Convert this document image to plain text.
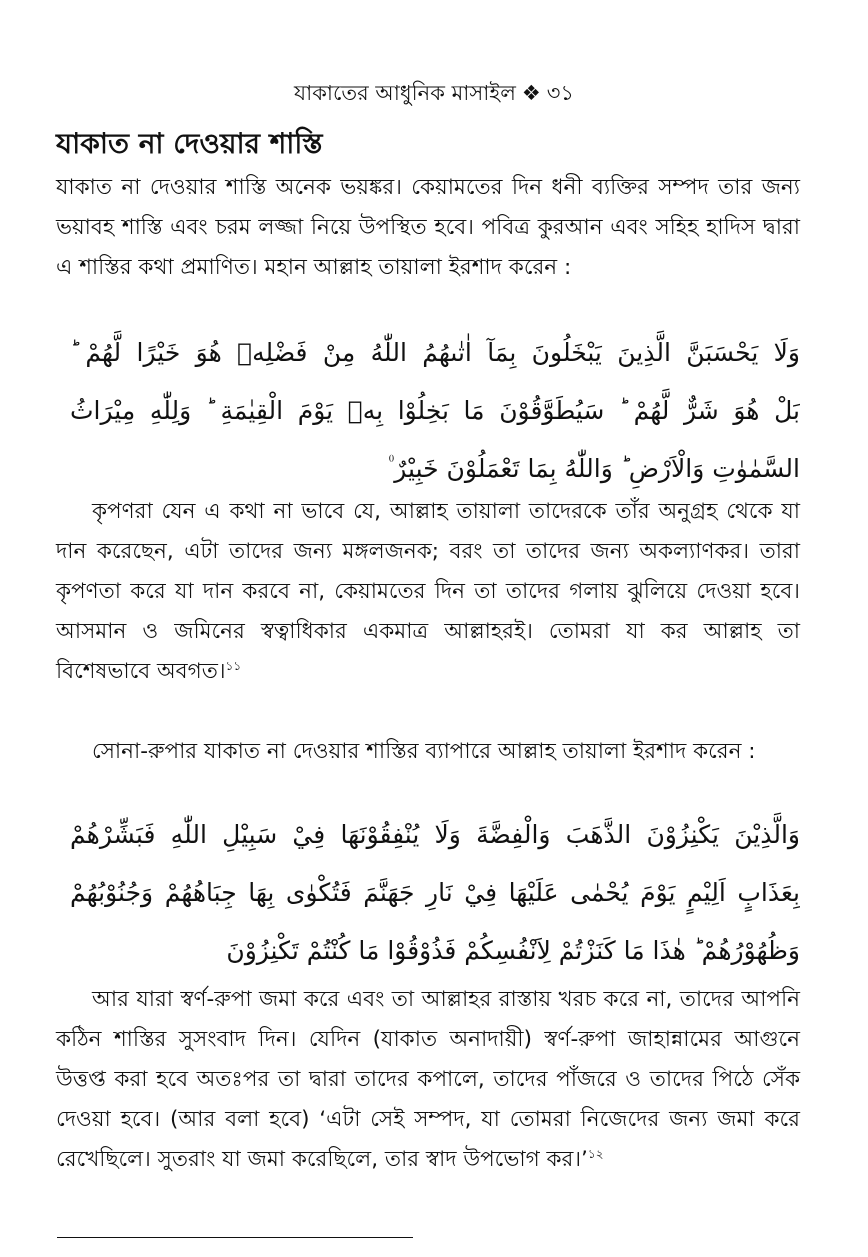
যাকাতের আধুনিক মাসাইল ❖ ৩১
যাকাত না দেওয়ার শাস্তি
যাকাত না দেওয়ার শাস্তি অনেক ভয়ঙ্কর। কেয়ামতের দিন ধনী ব্যক্তির সম্পদ তার জন্য ভয়াবহ শাস্তি এবং চরম লজ্জা নিয়ে উপস্থিত হবে। পবিত্র কুরআন এবং সহিহ হাদিস দ্বারা এ শাস্তির কথা প্রমাণিত। মহান আল্লাহ তায়ালা ইরশাদ করেন :
وَلَا يَحْسَبَنَّ الَّذِينَ يَبْخَلُونَ بِمَآ اٰتٰىهُمُ اللّٰهُ مِنْ فَضْلِهٖ هُوَ خَيْرًا لَّهُمْ ؕ
بَلْ هُوَ شَرٌّ لَّهُمْ ؕ سَيُطَوَّقُوْنَ مَا بَخِلُوْا بِهٖ يَوْمَ الْقِيٰمَةِ ؕ وَلِلّٰهِ مِيْرَاثُ
السَّمٰوٰتِ وَالْاَرْضِ ؕ وَاللّٰهُ بِمَا تَعْمَلُوْنَ خَبِيْرٌ ۠
কৃপণরা যেন এ কথা না ভাবে যে, আল্লাহ তায়ালা তাদেরকে তাঁর অনুগ্রহ থেকে যা দান করেছেন, এটা তাদের জন্য মঙ্গলজনক; বরং তা তাদের জন্য অকল্যাণকর। তারা কৃপণতা করে যা দান করবে না, কেয়ামতের দিন তা তাদের গলায় ঝুলিয়ে দেওয়া হবে। আসমান ও জমিনের স্বত্বাধিকার একমাত্র আল্লাহরই। তোমরা যা কর আল্লাহ তা বিশেষভাবে অবগত।$^{১১}$
সোনা-রুপার যাকাত না দেওয়ার শাস্তির ব্যাপারে আল্লাহ তায়ালা ইরশাদ করেন :
وَالَّذِيْنَ يَكْنِزُوْنَ الذَّهَبَ وَالْفِضَّةَ وَلَا يُنْفِقُوْنَهَا فِيْ سَبِيْلِ اللّٰهِ فَبَشِّرْهُمْ
بِعَذَابٍ اَلِيْمٍ يَوْمَ يُحْمٰى عَلَيْهَا فِيْ نَارِ جَهَنَّمَ فَتُكْوٰى بِهَا جِبَاهُهُمْ وَجُنُوْبُهُمْ
وَظُهُوْرُهُمْ ؕ هٰذَا مَا كَنَزْتُمْ لِاَنْفُسِكُمْ فَذُوْقُوْا مَا كُنْتُمْ تَكْنِزُوْنَ
আর যারা স্বর্ণ-রুপা জমা করে এবং তা আল্লাহর রাস্তায় খরচ করে না, তাদের আপনি কঠিন শাস্তির সুসংবাদ দিন। যেদিন (যাকাত অনাদায়ী) স্বর্ণ-রুপা জাহান্নামের আগুনে উত্তপ্ত করা হবে অতঃপর তা দ্বারা তাদের কপালে, তাদের পাঁজরে ও তাদের পিঠে সেঁক দেওয়া হবে। (আর বলা হবে) ‘এটা সেই সম্পদ, যা তোমরা নিজেদের জন্য জমা করে রেখেছিলে। সুতরাং যা জমা করেছিলে, তার স্বাদ উপভোগ কর।’$^{১২}$
